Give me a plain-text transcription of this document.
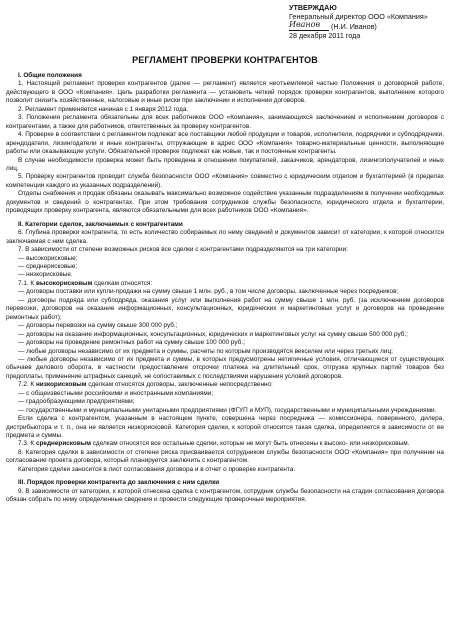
УТВЕРЖДАЮ
Генеральный директор ООО «Компания»
Иванов (Н.И. Иванов)
28 декабря 2011 года
РЕГЛАМЕНТ ПРОВЕРКИ КОНТРАГЕНТОВ

I. Общие положения

1. Настоящий регламент проверки контрагентов (далее — регламент) является неотъемлемой частью Положения о договорной работе, действующего в ООО «Компания». Цель разработки регламента — установить четкий порядок проверки контрагентов, выполнение которого позволит снизить хозяйственные, налоговые и иные риски при заключении и исполнении договоров.

2. Регламент применяется начиная с 1 января 2012 года.

3. Положения регламента обязательны для всех работников ООО «Компания», занимающихся заключением и исполнением договоров с контрагентами, а также для работников, ответственных за проверку контрагентов.

4. Проверке в соответствии с регламентом подлежат все поставщики любой продукции и товаров, исполнители, подрядчики и субподрядчики, арендодатели, лизингодатели и иные контрагенты, отгружающие в адрес ООО «Компания» товарно-материальные ценности, выполняющие работы или оказывающие услуги. Обязательной проверке подлежат как новые, так и постоянные контрагенты.

В случае необходимости проверка может быть проведена в отношении покупателей, заказчиков, арендаторов, лизингополучателей и иных лиц.

5. Проверку контрагентов проводит служба безопасности ООО «Компания» совместно с юридическим отделом и бухгалтерией (в пределах компетенции каждого из указанных подразделений).

Отделы снабжения и продаж обязаны оказывать максимально возможное содействие указанным подразделениям в получении необходимых документов и сведений о контрагентах. При этом требования сотрудников службы безопасности, юридического отдела и бухгалтерии, проводящих проверку контрагента, являются обязательными для всех работников ООО «Компания».

II. Категории сделок, заключаемых с контрагентами

6. Глубина проверки контрагента, то есть количество собираемых по нему сведений и документов зависит от категории, к которой относится заключаемая с ним сделка.

7. В зависимости от степени возможных рисков все сделки с контрагентами подразделяются на три категории:

— высокорисковые;

— среднерисковые;

— низкорисковые.

7.1. К высокорисковым сделкам относятся:

— договоры поставки или купли-продажи на сумму свыше 1 млн. руб., в том числе договоры, заключенные через посредников;

— договоры подряда или субподряда, оказания услуг или выполнения работ на сумму свыше 1 млн. руб. (за исключением договоров перевозки, договоров на оказание информационных, консультационных, юридических и маркетинговых услуг и договоров на проведение ремонтных работ);

— договоры перевозки на сумму свыше 300 000 руб.;

— договоры на оказание информационных, консультационных, юридических и маркетинговых услуг на сумму свыше 500 000 руб.;

— договоры на проведение ремонтных работ на сумму свыше 100 000 руб.;

— любые договоры независимо от их предмета и суммы, расчеты по которым производятся векселем или через третьих лиц;

— любые договоры независимо от их предмета и суммы, в которых предусмотрены нетипичные условия, отличающиеся от существующих обычаев делового оборота, в частности предоставление отсрочки платежа на длительный срок, отгрузка крупных партий товаров без предоплаты, применение штрафных санкций, не сопоставимых с последствиями нарушения условий договоров.

7.2. К низкорисковым сделкам относятся договоры, заключенные непосредственно:

— с общеизвестными российскими и иностранными компаниями;

— градообразующими предприятиями;

— государственными и муниципальными унитарными предприятиями (ФГУП и МУП), государственными и муниципальными учреждениями.

Если сделка с контрагентом, указанным в настоящем пункте, совершена через посредника — комиссионера, поверенного, дилера, дистрибьютора и т. п., она не является низкорисковой. Категория сделки, к которой относится такая сделка, определяется в зависимости от ее предмета и суммы.

7.3. К среднерисковым сделкам относятся все остальные сделки, которые не могут быть отнесены к высоко- или низкорисковым.

8. Категория сделки в зависимости от степени риска присваивается сотрудником службы безопасности ООО «Компания» при получении на согласование проекта договора, который планируется заключить с контрагентом.

Категория сделки заносится в лист согласования договора и в отчет о проверке контрагента.

III. Порядок проверки контрагента до заключения с ним сделки

9. В зависимости от категории, к которой отнесена сделка с контрагентом, сотрудник службы безопасности на стадии согласования договора обязан собрать по нему определенные сведения и провести следующие проверочные мероприятия.
